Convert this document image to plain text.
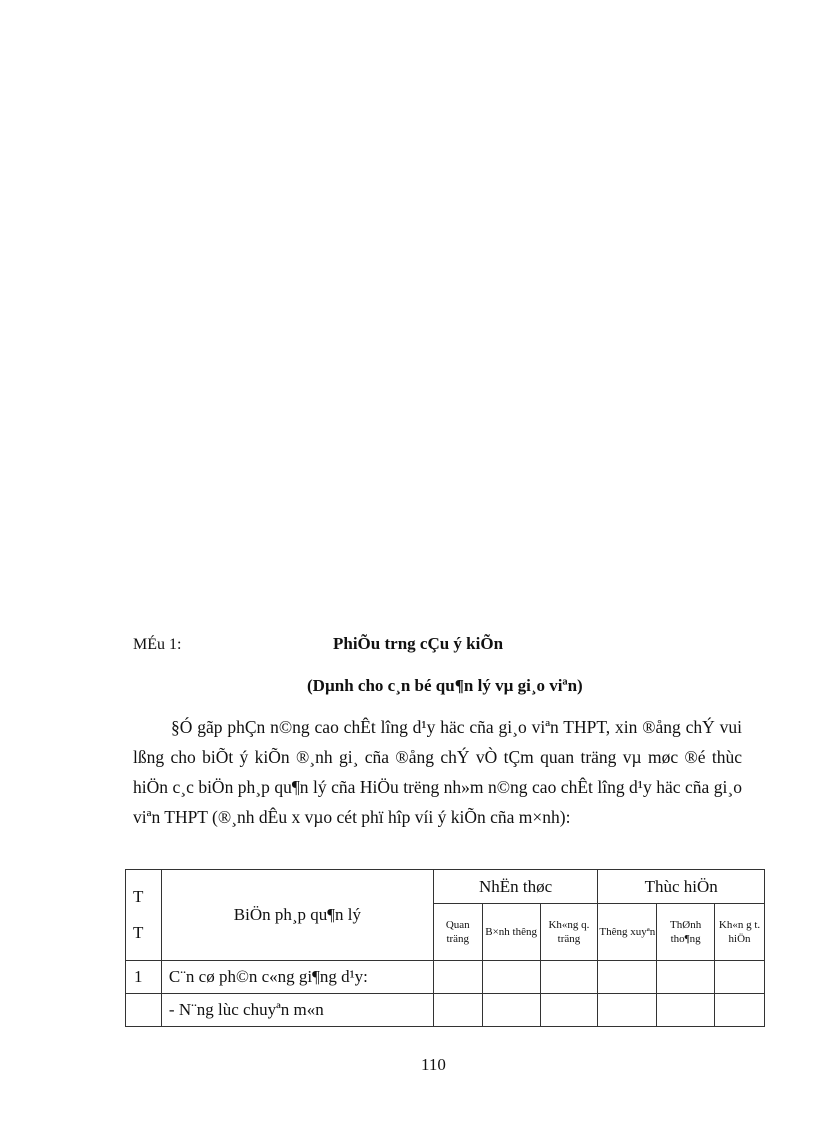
MÉu 1:	PhiÕu trng cÇu ý kiÕn
(Dµnh cho c¸n bé qu¶n lý vµ gi¸o viªn)

§Ó gãp phÇn n©ng cao chÊt lîng d¹y häc cña gi¸o viªn THPT, xin ®ång chÝ vui lßng cho biÕt ý kiÕn ®¸nh gi¸ cña ®ång chÝ vÒ tÇm quan träng vµ møc ®é thùc hiÖn c¸c biÖn ph¸p qu¶n lý cña HiÖu trëng nh»m n©ng cao chÊt lîng d¹y häc cña gi¸o viªn THPT (®¸nh dÊu x vµo cét phï hîp víi ý kiÕn cña m×nh):

T
T	BiÖn ph¸p qu¶n lý	NhËn thøc			Thùc hiÖn		
		Quan träng	B×nh thêng	Kh«ng q. träng	Thêng xuyªn	ThØnh tho¶ng	Kh«n g t. hiÖn
1	C¨n cø ph©n c«ng gi¶ng d¹y:						
	- N¨ng lùc chuyªn m«n						
110
